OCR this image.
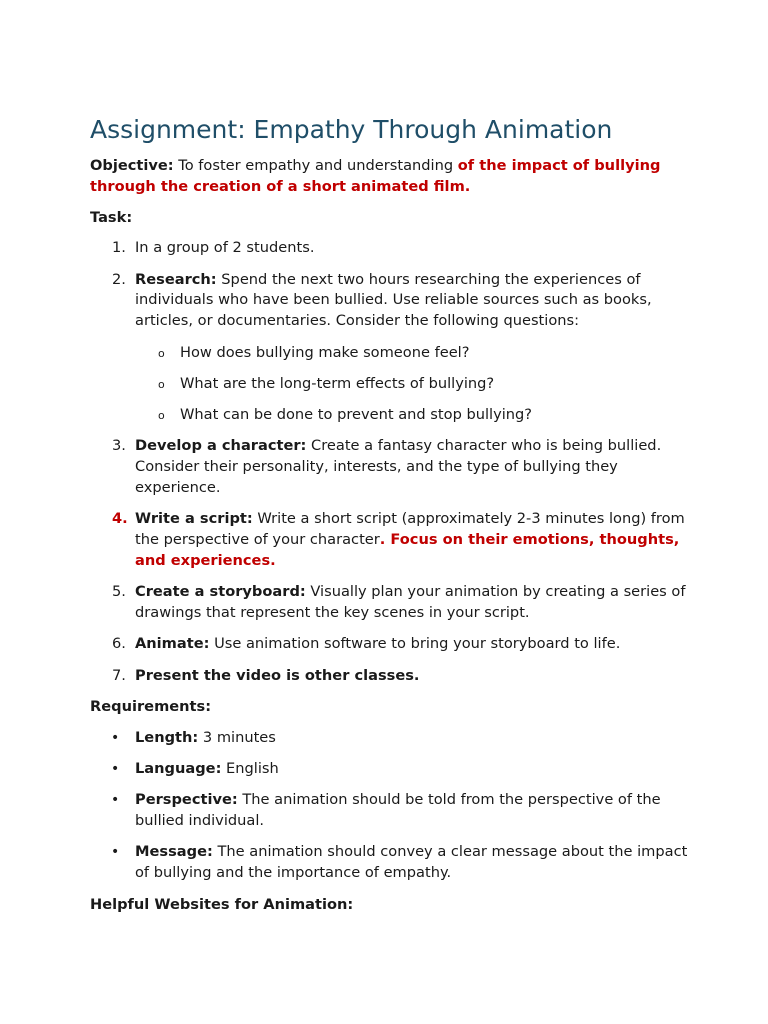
Assignment: Empathy Through Animation

Objective: To foster empathy and understanding of the impact of bullying through the creation of a short animated film.

Task:

1. In a group of 2 students.
2. Research: Spend the next two hours researching the experiences of individuals who have been bullied. Use reliable sources such as books, articles, or documentaries. Consider the following questions:
o How does bullying make someone feel?
o What are the long-term effects of bullying?
o What can be done to prevent and stop bullying?
3. Develop a character: Create a fantasy character who is being bullied. Consider their personality, interests, and the type of bullying they experience.
4. Write a script: Write a short script (approximately 2-3 minutes long) from the perspective of your character. Focus on their emotions, thoughts, and experiences.
5. Create a storyboard: Visually plan your animation by creating a series of drawings that represent the key scenes in your script.
6. Animate: Use animation software to bring your storyboard to life.
7. Present the video is other classes.

Requirements:

• Length: 3 minutes
• Language: English
• Perspective: The animation should be told from the perspective of the bullied individual.
• Message: The animation should convey a clear message about the impact of bullying and the importance of empathy.

Helpful Websites for Animation:
